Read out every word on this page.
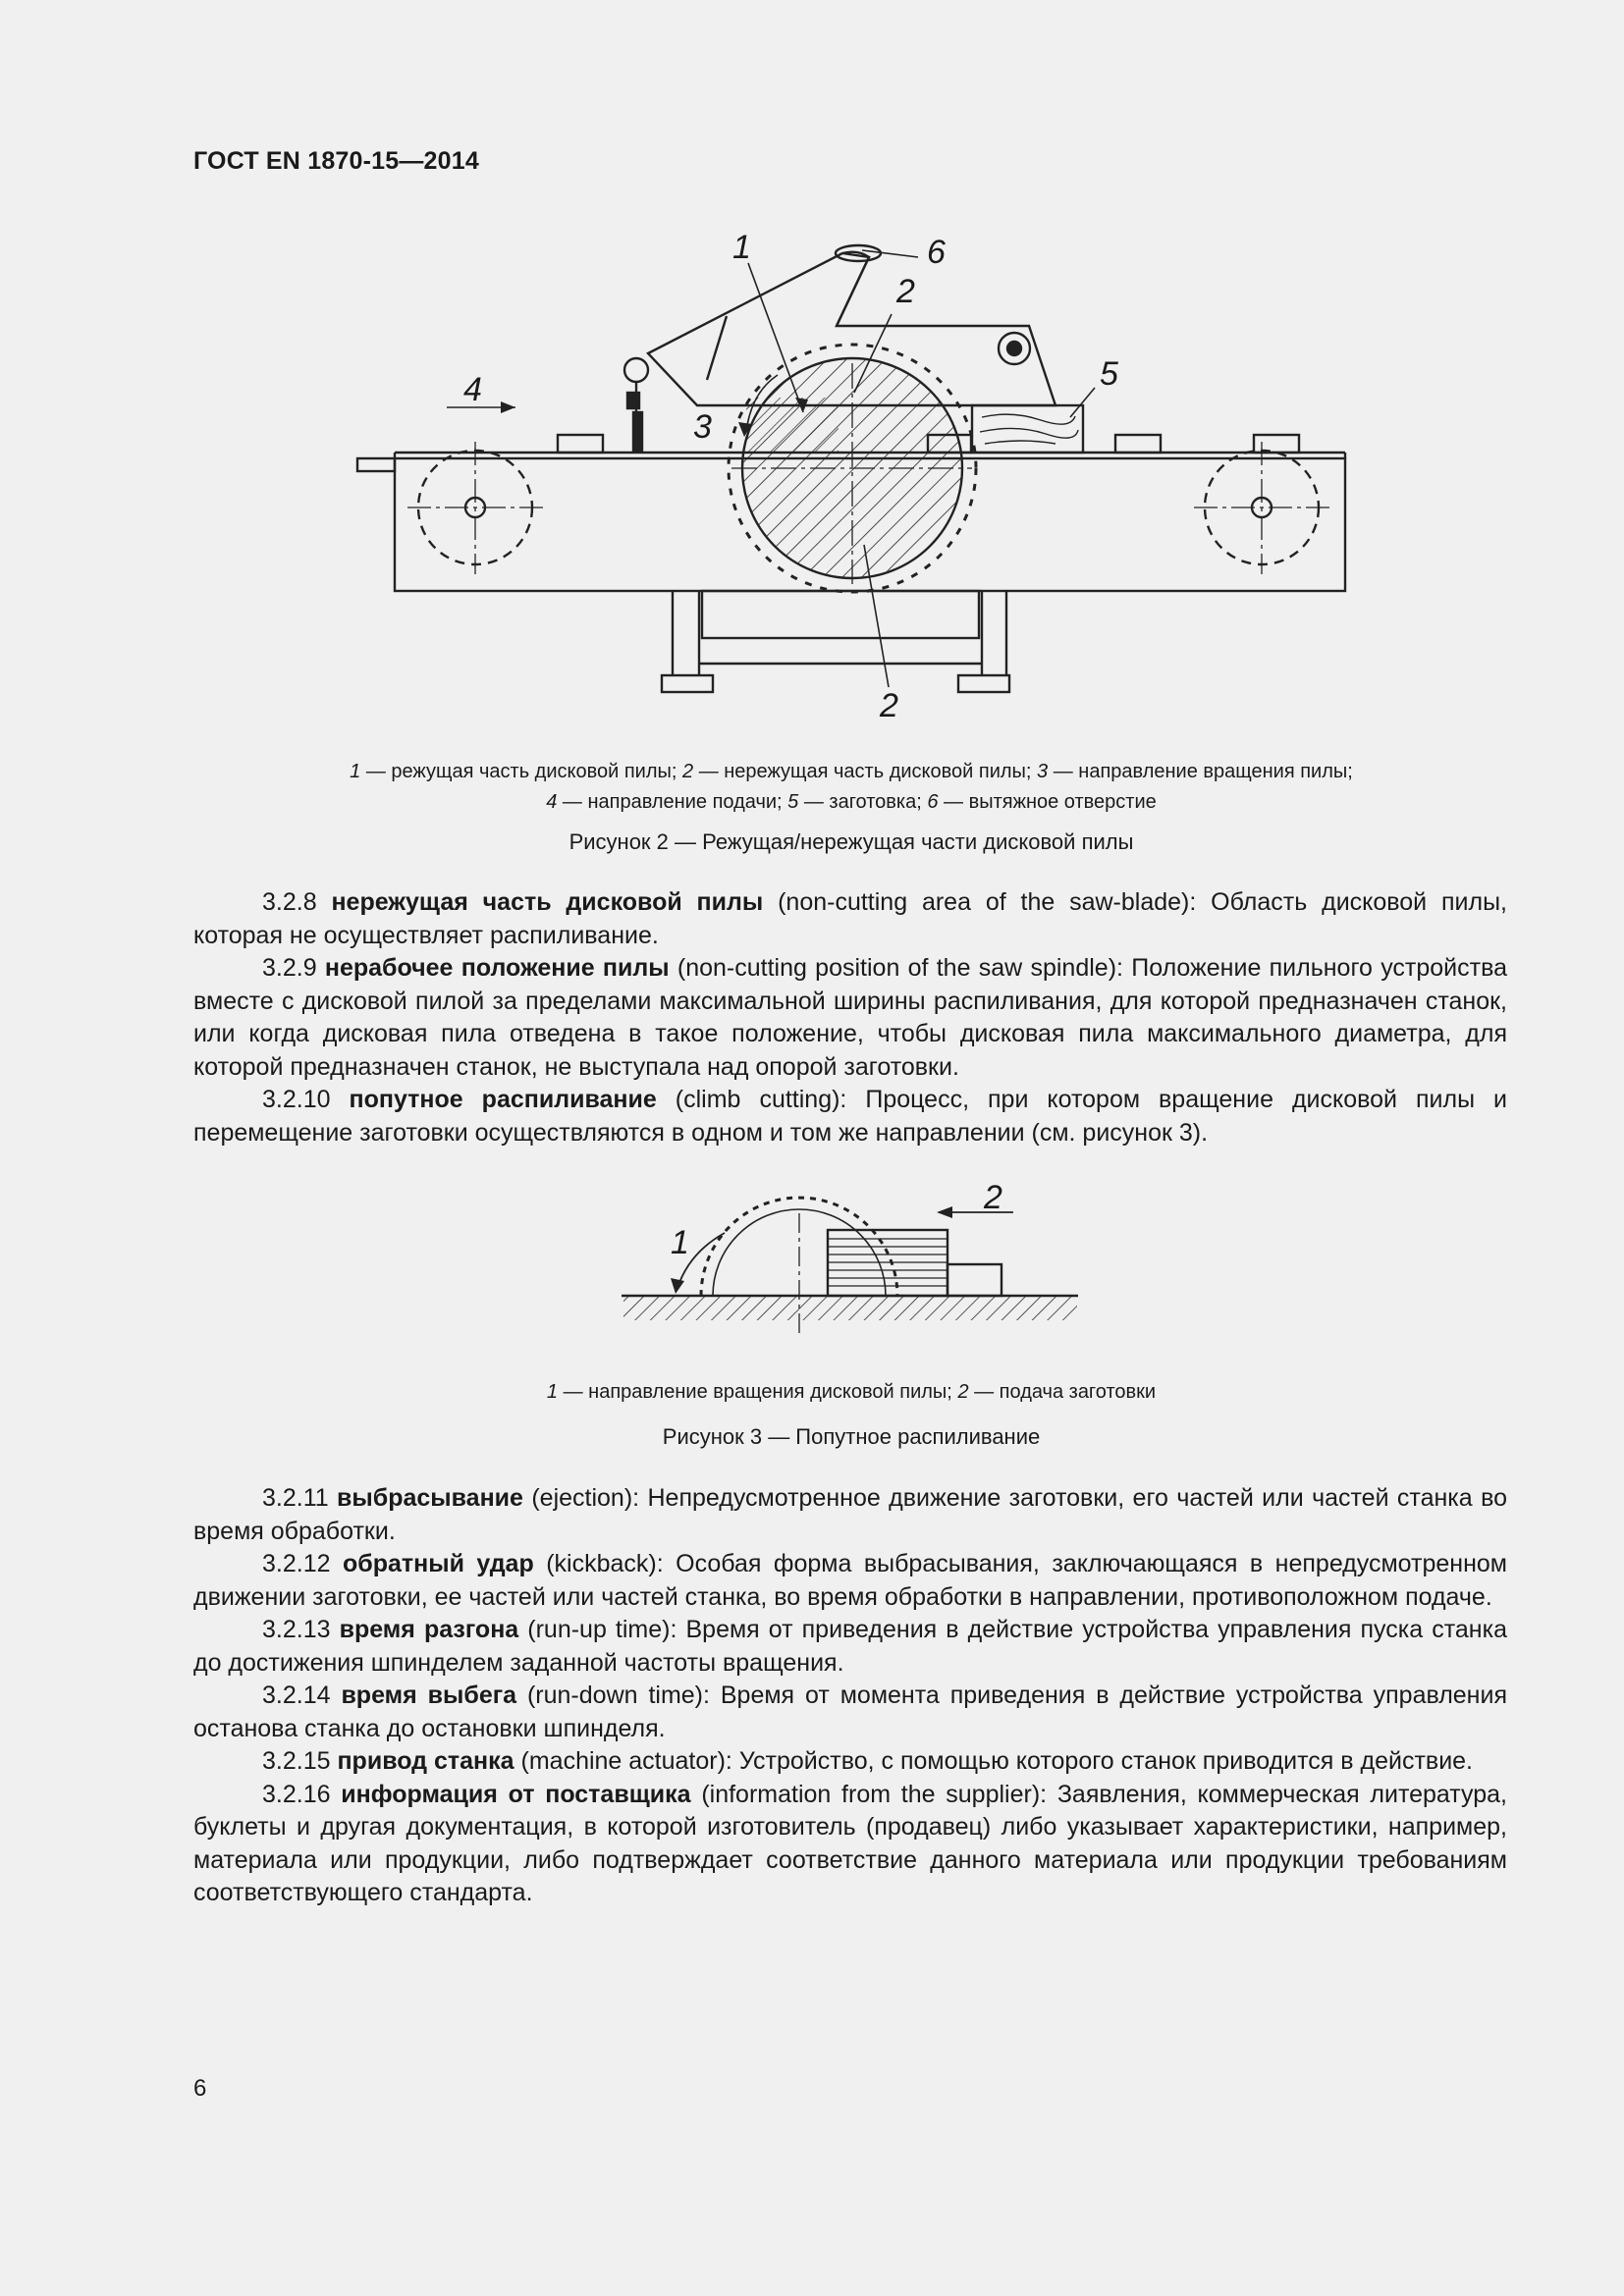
ГОСТ EN 1870-15—2014
1
2
3
4	5
6
2
1 — режущая часть дисковой пилы; 2 — нережущая часть дисковой пилы; 3 — направление вращения пилы;
4 — направление подачи; 5 — заготовка; 6 — вытяжное отверстие
Рисунок 2 — Режущая/нережущая части дисковой пилы

3.2.8 нережущая часть дисковой пилы (non-cutting area of the saw-blade): Область дисковой пилы, которая не осуществляет распиливание.

3.2.9 нерабочее положение пилы (non-cutting position of the saw spindle): Положение пильного устройства вместе с дисковой пилой за пределами максимальной ширины распиливания, для которой предназначен станок, или когда дисковая пила отведена в такое положение, чтобы дисковая пила максимального диаметра, для которой предназначен станок, не выступала над опорой заготовки.

3.2.10 попутное распиливание (climb cutting): Процесс, при котором вращение дисковой пилы и перемещение заготовки осуществляются в одном и том же направлении (см. рисунок 3).

2
1
1 — направление вращения дисковой пилы; 2 — подача заготовки
Рисунок 3 — Попутное распиливание

3.2.11 выбрасывание (ejection): Непредусмотренное движение заготовки, его частей или частей станка во время обработки.

3.2.12 обратный удар (kickback): Особая форма выбрасывания, заключающаяся в непредусмотренном движении заготовки, ее частей или частей станка, во время обработки в направлении, противоположном подаче.

3.2.13 время разгона (run-up time): Время от приведения в действие устройства управления пуска станка до достижения шпинделем заданной частоты вращения.

3.2.14 время выбега (run-down time): Время от момента приведения в действие устройства управления останова станка до остановки шпинделя.

3.2.15 привод станка (machine actuator): Устройство, с помощью которого станок приводится в действие.

3.2.16 информация от поставщика (information from the supplier): Заявления, коммерческая литература, буклеты и другая документация, в которой изготовитель (продавец) либо указывает характеристики, например, материала или продукции, либо подтверждает соответствие данного материала или продукции требованиям соответствующего стандарта.

6
